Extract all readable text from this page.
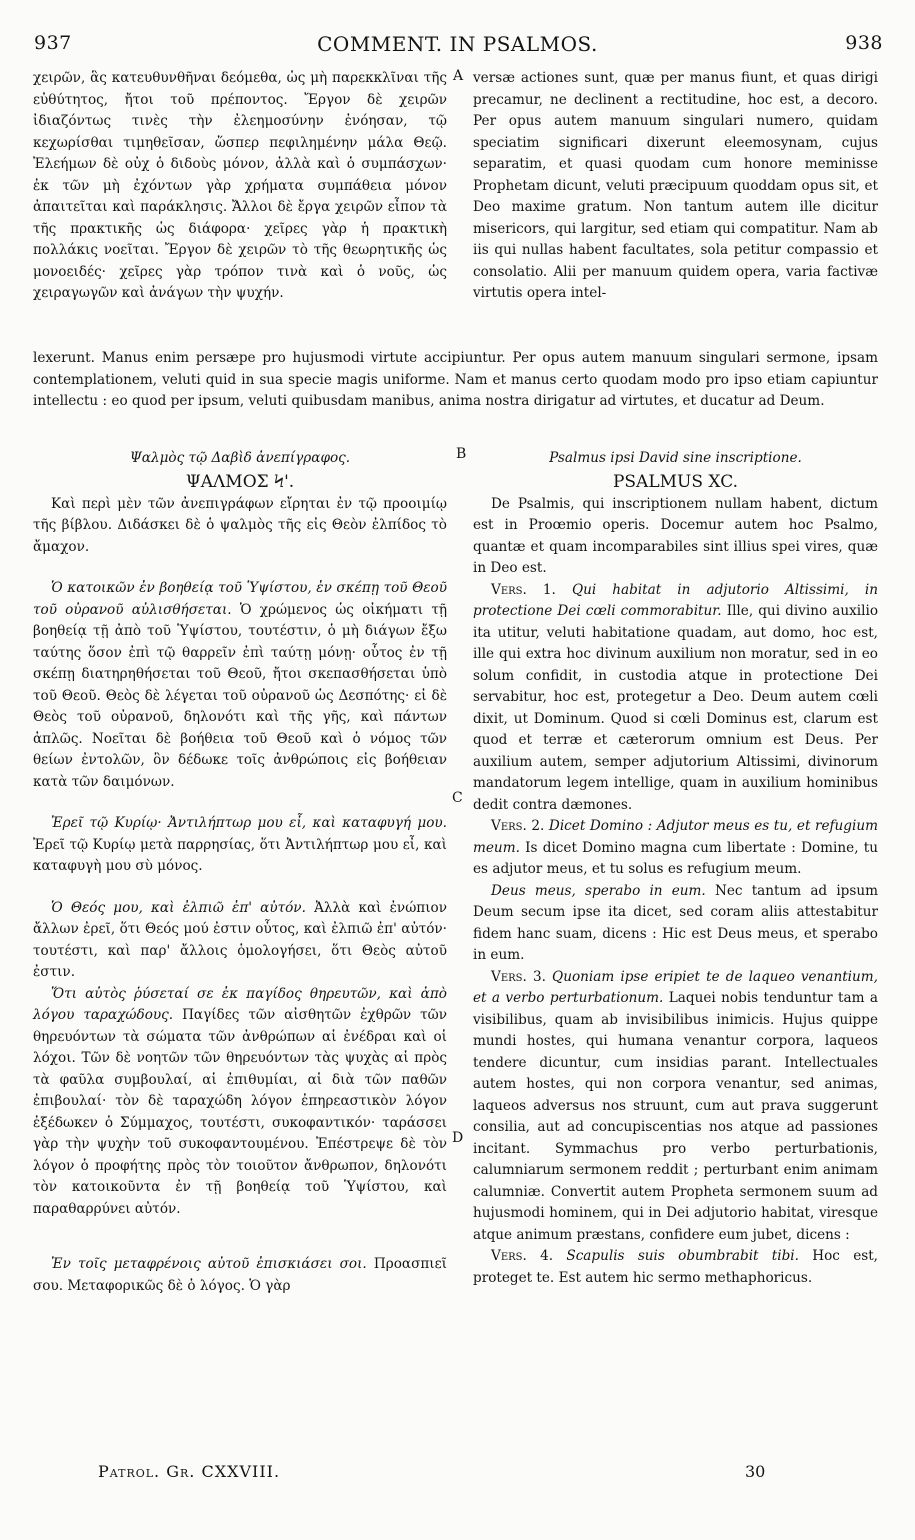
937	COMMENT. IN PSALMOS.	938

χειρῶν, ἃς κατευθυνθῆναι δεόμεθα, ὡς μὴ παρεκκλῖναι τῆς εὐθύτητος, ἤτοι τοῦ πρέποντος. Ἔργον δὲ χειρῶν ἰδιαζόντως τινὲς τὴν ἐλεημοσύνην ἐνόησαν, τῷ κεχωρίσθαι τιμηθεῖσαν, ὥσπερ πεφιλημένην μάλα Θεῷ. Ἐλεήμων δὲ οὐχ ὁ διδοὺς μόνον, ἀλλὰ καὶ ὁ συμπάσχων· ἐκ τῶν μὴ ἐχόντων γὰρ χρήματα συμπάθεια μόνον ἀπαιτεῖται καὶ παράκλησις. Ἄλλοι δὲ ἔργα χειρῶν εἶπον τὰ τῆς πρακτικῆς ὡς διάφορα· χεῖρες γὰρ ἡ πρακτικὴ πολλάκις νοεῖται. Ἔργον δὲ χειρῶν τὸ τῆς θεωρητικῆς ὡς μονοειδές· χεῖρες γὰρ τρόπον τινὰ καὶ ὁ νοῦς, ὡς χειραγωγῶν καὶ ἀνάγων τὴν ψυχήν.

versæ actiones sunt, quæ per manus fiunt, et quas dirigi precamur, ne declinent a rectitudine, hoc est, a decoro. Per opus autem manuum singulari numero, quidam speciatim significari dixerunt eleemosynam, cujus separatim, et quasi quodam cum honore meminisse Prophetam dicunt, veluti præcipuum quoddam opus sit, et Deo maxime gratum. Non tantum autem ille dicitur misericors, qui largitur, sed etiam qui compatitur. Nam ab iis qui nullas habent facultates, sola petitur compassio et consolatio. Alii per manuum quidem opera, varia factivæ virtutis opera intel-

lexerunt. Manus enim persæpe pro hujusmodi virtute accipiuntur. Per opus autem manuum singulari sermone, ipsam contemplationem, veluti quid in sua specie magis uniforme. Nam et manus certo quodam modo pro ipso etiam capiuntur intellectu : eo quod per ipsum, veluti quibusdam manibus, anima nostra dirigatur ad virtutes, et ducatur ad Deum.

A
B
C
D

Ψαλμὸς τῷ Δαβὶδ ἀνεπίγραφος.

ΨΑΛΜΟΣ Ϟ'.

Καὶ περὶ μὲν τῶν ἀνεπιγράφων εἴρηται ἐν τῷ προοιμίῳ τῆς βίβλου. Διδάσκει δὲ ὁ ψαλμὸς τῆς εἰς Θεὸν ἐλπίδος τὸ ἄμαχον.

Ὁ κατοικῶν ἐν βοηθείᾳ τοῦ Ὑψίστου, ἐν σκέπῃ τοῦ Θεοῦ τοῦ οὐρανοῦ αὐλισθήσεται. Ὁ χρώμενος ὡς οἰκήματι τῇ βοηθείᾳ τῇ ἀπὸ τοῦ Ὑψίστου, τουτέστιν, ὁ μὴ διάγων ἔξω ταύτης ὅσον ἐπὶ τῷ θαρρεῖν ἐπὶ ταύτῃ μόνῃ· οὗτος ἐν τῇ σκέπῃ διατηρηθήσεται τοῦ Θεοῦ, ἤτοι σκεπασθήσεται ὑπὸ τοῦ Θεοῦ. Θεὸς δὲ λέγεται τοῦ οὐρανοῦ ὡς Δεσπότης· εἰ δὲ Θεὸς τοῦ οὐρανοῦ, δηλονότι καὶ τῆς γῆς, καὶ πάντων ἁπλῶς. Νοεῖται δὲ βοήθεια τοῦ Θεοῦ καὶ ὁ νόμος τῶν θείων ἐντολῶν, ὃν δέδωκε τοῖς ἀνθρώποις εἰς βοήθειαν κατὰ τῶν δαιμόνων.

Ἐρεῖ τῷ Κυρίῳ· Ἀντιλήπτωρ μου εἶ, καὶ καταφυγή μου. Ἐρεῖ τῷ Κυρίῳ μετὰ παρρησίας, ὅτι Ἀντιλήπτωρ μου εἶ, καὶ καταφυγὴ μου σὺ μόνος.

Ὁ Θεός μου, καὶ ἐλπιῶ ἐπ' αὐτόν. Ἀλλὰ καὶ ἐνώπιον ἄλλων ἐρεῖ, ὅτι Θεός μού ἐστιν οὗτος, καὶ ἐλπιῶ ἐπ' αὐτόν· τουτέστι, καὶ παρ' ἄλλοις ὁμολογήσει, ὅτι Θεὸς αὐτοῦ ἐστιν.

Ὅτι αὐτὸς ῥύσεταί σε ἐκ παγίδος θηρευτῶν, καὶ ἀπὸ λόγου ταραχώδους. Παγίδες τῶν αἰσθητῶν ἐχθρῶν τῶν θηρευόντων τὰ σώματα τῶν ἀνθρώπων αἱ ἐνέδραι καὶ οἱ λόχοι. Τῶν δὲ νοητῶν τῶν θηρευόντων τὰς ψυχὰς αἱ πρὸς τὰ φαῦλα συμβουλαί, αἱ ἐπιθυμίαι, αἱ διὰ τῶν παθῶν ἐπιβουλαί· τὸν δὲ ταραχώδη λόγον ἐπηρεαστικὸν λόγον ἐξέδωκεν ὁ Σύμμαχος, τουτέστι, συκοφαντικόν· ταράσσει γὰρ τὴν ψυχὴν τοῦ συκοφαντουμένου. Ἐπέστρεψε δὲ τὸν λόγον ὁ προφήτης πρὸς τὸν τοιοῦτον ἄνθρωπον, δηλονότι τὸν κατοικοῦντα ἐν τῇ βοηθείᾳ τοῦ Ὑψίστου, καὶ παραθαρρύνει αὐτόν.

Ἐν τοῖς μεταφρένοις αὐτοῦ ἐπισκιάσει σοι. Προασπιεῖ σου. Μεταφορικῶς δὲ ὁ λόγος. Ὁ γὰρ

Psalmus ipsi David sine inscriptione.

PSALMUS XC.

De Psalmis, qui inscriptionem nullam habent, dictum est in Proœmio operis. Docemur autem hoc Psalmo, quantæ et quam incomparabiles sint illius spei vires, quæ in Deo est.

Vers. 1. Qui habitat in adjutorio Altissimi, in protectione Dei cœli commorabitur. Ille, qui divino auxilio ita utitur, veluti habitatione quadam, aut domo, hoc est, ille qui extra hoc divinum auxilium non moratur, sed in eo solum confidit, in custodia atque in protectione Dei servabitur, hoc est, protegetur a Deo. Deum autem cœli dixit, ut Dominum. Quod si cœli Dominus est, clarum est quod et terræ et cæterorum omnium est Deus. Per auxilium autem, semper adjutorium Altissimi, divinorum mandatorum legem intellige, quam in auxilium hominibus dedit contra dæmones.

Vers. 2. Dicet Domino : Adjutor meus es tu, et refugium meum. Is dicet Domino magna cum libertate : Domine, tu es adjutor meus, et tu solus es refugium meum.

Deus meus, sperabo in eum. Nec tantum ad ipsum Deum secum ipse ita dicet, sed coram aliis attestabitur fidem hanc suam, dicens : Hic est Deus meus, et sperabo in eum.

Vers. 3. Quoniam ipse eripiet te de laqueo venantium, et a verbo perturbationum. Laquei nobis tenduntur tam a visibilibus, quam ab invisibilibus inimicis. Hujus quippe mundi hostes, qui humana venantur corpora, laqueos tendere dicuntur, cum insidias parant. Intellectuales autem hostes, qui non corpora venantur, sed animas, laqueos adversus nos struunt, cum aut prava suggerunt consilia, aut ad concupiscentias nos atque ad passiones incitant. Symmachus pro verbo perturbationis, calumniarum sermonem reddit ; perturbant enim animam calumniæ. Convertit autem Propheta sermonem suum ad hujusmodi hominem, qui in Dei adjutorio habitat, viresque atque animum præstans, confidere eum jubet, dicens :

Vers. 4. Scapulis suis obumbrabit tibi. Hoc est, proteget te. Est autem hic sermo methaphoricus.

Patrol. Gr. CXXVIII.	30
